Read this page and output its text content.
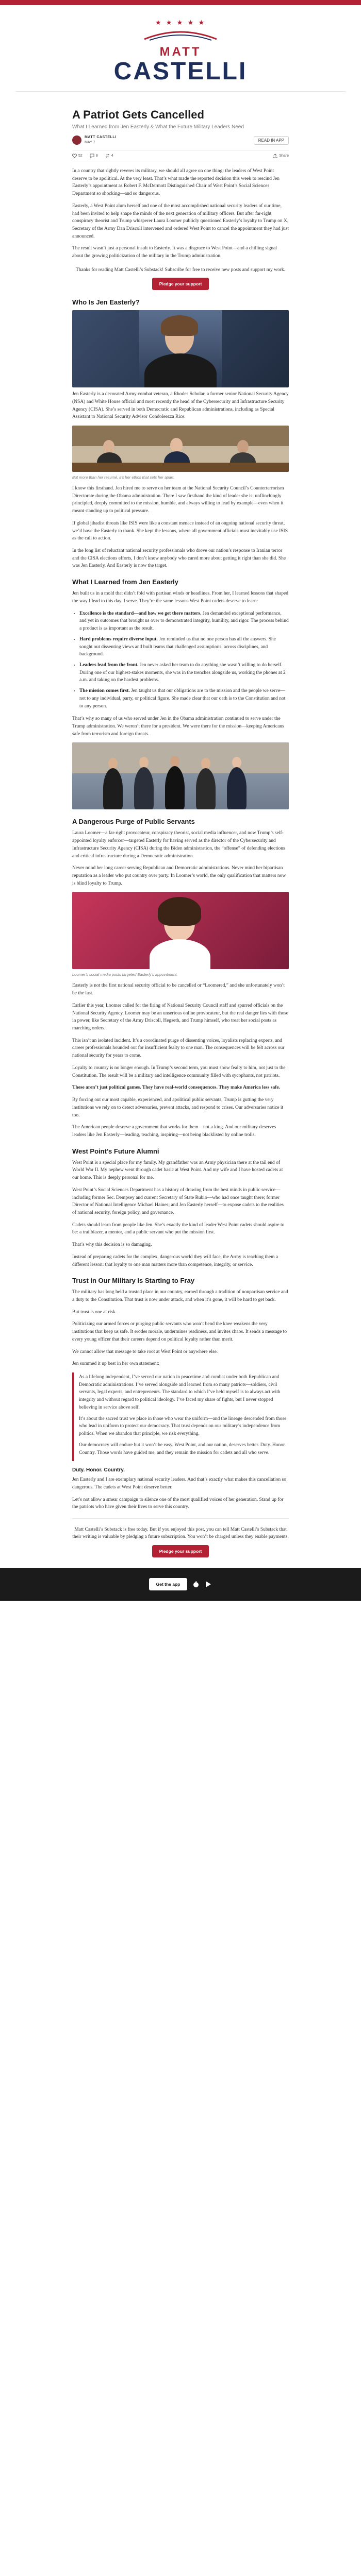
★ ★ ★ ★ ★
MATT
CASTELLI
A Patriot Gets Cancelled
What I Learned from Jen Easterly & What the Future Military Leaders Need
MATT CASTELLI
MAY 7	READ IN APP
52	8	4	Share

In a country that rightly reveres its military, we should all agree on one thing: the leaders of West Point deserve to be apolitical. At the very least. That’s what made the reported decision this week to rescind Jen Easterly’s appointment as Robert F. McDermott Distinguished Chair of West Point’s Social Sciences Department so shocking—and so dangerous.

Easterly, a West Point alum herself and one of the most accomplished national security leaders of our time, had been invited to help shape the minds of the next generation of military officers. But after far-right conspiracy theorist and Trump whisperer Laura Loomer publicly questioned Easterly’s loyalty to Trump on X, Secretary of the Army Dan Driscoll intervened and ordered West Point to cancel the appointment they had just announced.

The result wasn’t just a personal insult to Easterly. It was a disgrace to West Point—and a chilling signal about the growing politicization of the military in the Trump administration.

Thanks for reading Matt Castelli’s Substack! Subscribe for free to receive new posts and support my work.
Pledge your support
Who Is Jen Easterly?

Jen Easterly is a decorated Army combat veteran, a Rhodes Scholar, a former senior National Security Agency (NSA) and White House official and most recently the head of the Cybersecurity and Infrastructure Security Agency (CISA). She’s served in both Democratic and Republican administrations, including as Special Assistant to National Security Advisor Condoleezza Rice.

But more than her résumé, it’s her ethos that sets her apart.

I know this firsthand. Jen hired me to serve on her team at the National Security Council’s Counterterrorism Directorate during the Obama administration. There I saw firsthand the kind of leader she is: unflinchingly principled, deeply committed to the mission, humble, and always willing to lead by example—even when it meant standing up to political pressure.

If global jihadist threats like ISIS were like a constant menace instead of an ongoing national security threat, we’d have the Easterly to thank. She kept the lessons, where all government officials must inevitably use ISIS as the call to action.

In the long list of reluctant national security professionals who drove our nation’s response to Iranian terror and the CISA elections efforts, I don’t know anybody who cared more about getting it right than she did. She was Jen Easterly. And Easterly is now the target.

What I Learned from Jen Easterly

Jen built us in a mold that didn’t fold with partisan winds or headlines. From her, I learned lessons that shaped the way I lead to this day. I serve. They’re the same lessons West Point cadets deserve to learn:

• Excellence is the standard—and how we get there matters. Jen demanded exceptional performance, and yet in outcomes that brought us over to demonstrated integrity, humility, and rigor. The process behind a product is as important as the result.
• Hard problems require diverse input. Jen reminded us that no one person has all the answers. She sought out dissenting views and built teams that challenged assumptions, across disciplines, and background.
• Leaders lead from the front. Jen never asked her team to do anything she wasn’t willing to do herself. During one of our highest-stakes moments, she was in the trenches alongside us, working the phones at 2 a.m. and taking on the hardest problems.
• The mission comes first. Jen taught us that our obligations are to the mission and the people we serve—not to any individual, party, or political figure. She made clear that our oath is to the Constitution and not to any person.

That’s why so many of us who served under Jen in the Obama administration continued to serve under the Trump administration. We weren’t there for a president. We were there for the mission—keeping Americans safe from terrorism and foreign threats.

A Dangerous Purge of Public Servants

Laura Loomer—a far-right provocateur, conspiracy theorist, social media influencer, and now Trump’s self-appointed loyalty enforcer—targeted Easterly for having served as the director of the Cybersecurity and Infrastructure Security Agency (CISA) during the Biden administration, the “offense” of defending elections and critical infrastructure during a Democratic administration.

Never mind her long career serving Republican and Democratic administrations. Never mind her bipartisan reputation as a leader who put country over party. In Loomer’s world, the only qualification that matters now is blind loyalty to Trump.

Loomer’s social media posts targeted Easterly’s appointment.

Easterly is not the first national security official to be cancelled or “Loomered,” and she unfortunately won’t be the last.

Earlier this year, Loomer called for the firing of National Security Council staff and spurred officials on the National Security Agency. Loomer may be an unserious online provocateur, but the real danger lies with those in power, like Secretary of the Army Driscoll, Hegseth, and Trump himself, who treat her social posts as marching orders.

This isn’t an isolated incident. It’s a coordinated purge of dissenting voices, loyalists replacing experts, and career professionals hounded out for insufficient fealty to one man. The consequences will be felt across our national security for years to come.

Loyalty to country is no longer enough. In Trump’s second term, you must show fealty to him, not just to the Constitution. The result will be a military and intelligence community filled with sycophants, not patriots.

These aren’t just political games. They have real-world consequences. They make America less safe.

By forcing out our most capable, experienced, and apolitical public servants, Trump is gutting the very institutions we rely on to detect adversaries, prevent attacks, and respond to crises. Our adversaries notice it too.

The American people deserve a government that works for them—not a king. And our military deserves leaders like Jen Easterly—leading, teaching, inspiring—not being blacklisted by online trolls.

West Point’s Future Alumni

West Point is a special place for my family. My grandfather was an Army physician there at the tail end of World War II. My nephew went through cadet basic at West Point. And my wife and I have hosted cadets at our home. This is deeply personal for me.

West Point’s Social Sciences Department has a history of drawing from the best minds in public service—including former Sec. Dempsey and current Secretary of State Rubio—who had once taught there; former Director of National Intelligence Michael Haines; and Jen Easterly herself—to expose cadets to the realities of national security, foreign policy, and governance.

Cadets should learn from people like Jen. She’s exactly the kind of leader West Point cadets should aspire to be: a trailblazer, a mentor, and a public servant who put the mission first.

That’s why this decision is so damaging.

Instead of preparing cadets for the complex, dangerous world they will face, the Army is teaching them a different lesson: that loyalty to one man matters more than competence, integrity, or service.

Trust in Our Military Is Starting to Fray

The military has long held a trusted place in our country, earned through a tradition of nonpartisan service and a duty to the Constitution. That trust is now under attack, and when it’s gone, it will be hard to get back.

But trust is one at risk.

Politicizing our armed forces or purging public servants who won’t bend the knee weakens the very institutions that keep us safe. It erodes morale, undermines readiness, and invites chaos. It sends a message to every young officer that their careers depend on political loyalty rather than merit.

We cannot allow that message to take root at West Point or anywhere else.

Jen summed it up best in her own statement:

As a lifelong independent, I’ve served our nation in peacetime and combat under both Republican and Democratic administrations. I’ve served alongside and learned from so many patriots—soldiers, civil servants, legal experts, and entrepreneurs. The standard to which I’ve held myself is to always act with integrity and without regard to political ideology. I’ve faced my share of fights, but I never stopped believing in service above self.

It’s about the sacred trust we place in those who wear the uniform—and the lineage descended from those who lead in uniform to protect our democracy. That trust depends on our military’s independence from politics. When we abandon that principle, we risk everything.

Our democracy will endure but it won’t be easy. West Point, and our nation, deserves better. Duty. Honor. Country. Those words have guided me, and they remain the mission for cadets and all who serve.

Duty. Honor. Country.

Jen Easterly and I are exemplary national security leaders. And that’s exactly what makes this cancellation so dangerous. The cadets at West Point deserve better.

Let’s not allow a smear campaign to silence one of the most qualified voices of her generation. Stand up for the patriots who have given their lives to serve this country.

Matt Castelli’s Substack is free today. But if you enjoyed this post, you can tell Matt Castelli’s Substack that their writing is valuable by pledging a future subscription. You won’t be charged unless they enable payments.
Pledge your support
Get the app
